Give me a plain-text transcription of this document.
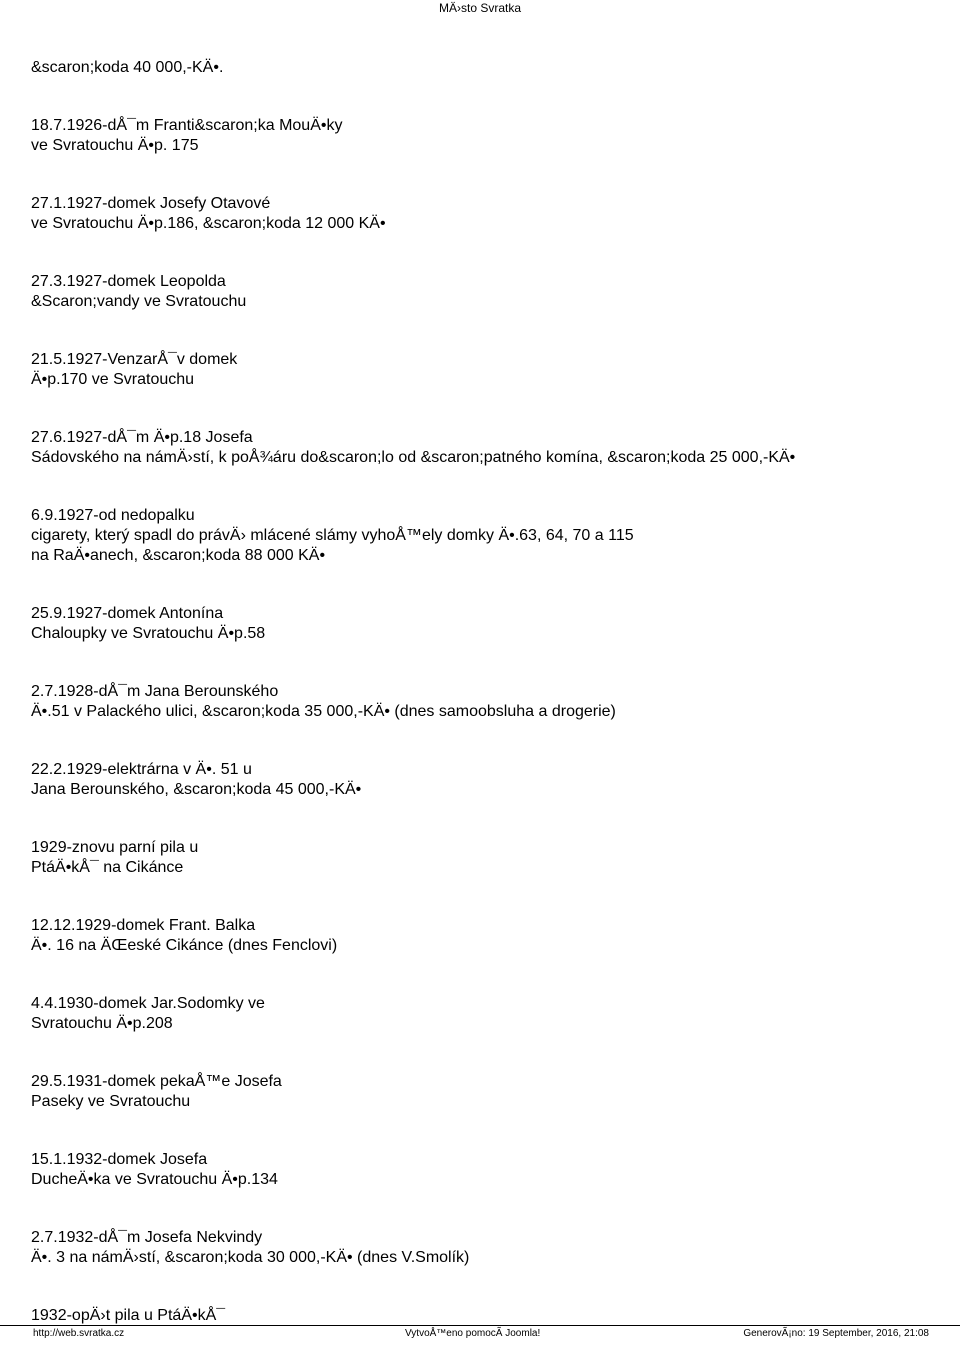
MÄ›sto Svratka
&scaron;koda 40 000,-KÄ•.
18.7.1926-dÅ¯m Franti&scaron;ka MouÄ•ky
ve Svratouchu Ä•p. 175
27.1.1927-domek Josefy Otavové
ve Svratouchu Ä•p.186, &scaron;koda 12 000 KÄ•
27.3.1927-domek Leopolda
&Scaron;vandy ve Svratouchu
21.5.1927-VenzarÅ¯v domek
Ä•p.170 ve Svratouchu
27.6.1927-dÅ¯m Ä•p.18 Josefa
Sádovského na námÄ›stí, k poÅ¾áru do&scaron;lo od &scaron;patného komína, &scaron;koda 25 000,-KÄ•
6.9.1927-od nedopalku
cigarety, který spadl do právÄ› mlácené slámy vyhoÅ™ely domky Ä•.63, 64, 70 a 115
na RaÄ•anech, &scaron;koda 88 000 KÄ•
25.9.1927-domek Antonína
Chaloupky ve Svratouchu Ä•p.58
2.7.1928-dÅ¯m Jana Berounského
Ä•.51 v Palackého ulici, &scaron;koda 35 000,-KÄ• (dnes samoobsluha a drogerie)
22.2.1929-elektrárna v Ä•. 51 u
Jana Berounského, &scaron;koda 45 000,-KÄ•
1929-znovu parní pila u
PtáÄ•kÅ¯ na Cikánce
12.12.1929-domek Frant. Balka
Ä•. 16 na ÄŒeské Cikánce (dnes Fenclovi)
4.4.1930-domek Jar.Sodomky ve
Svratouchu Ä•p.208
29.5.1931-domek pekaÅ™e Josefa
Paseky ve Svratouchu
15.1.1932-domek Josefa
DucheÄ•ka ve Svratouchu Ä•p.134
2.7.1932-dÅ¯m Josefa Nekvindy
Ä•. 3 na námÄ›stí, &scaron;koda 30 000,-KÄ• (dnes V.Smolík)
1932-opÄ›t pila u PtáÄ•kÅ¯
http://web.svratka.cz	VytvoÅ™eno pomocÃ Joomla!	GenerovÃ¡no: 19 September, 2016, 21:08
